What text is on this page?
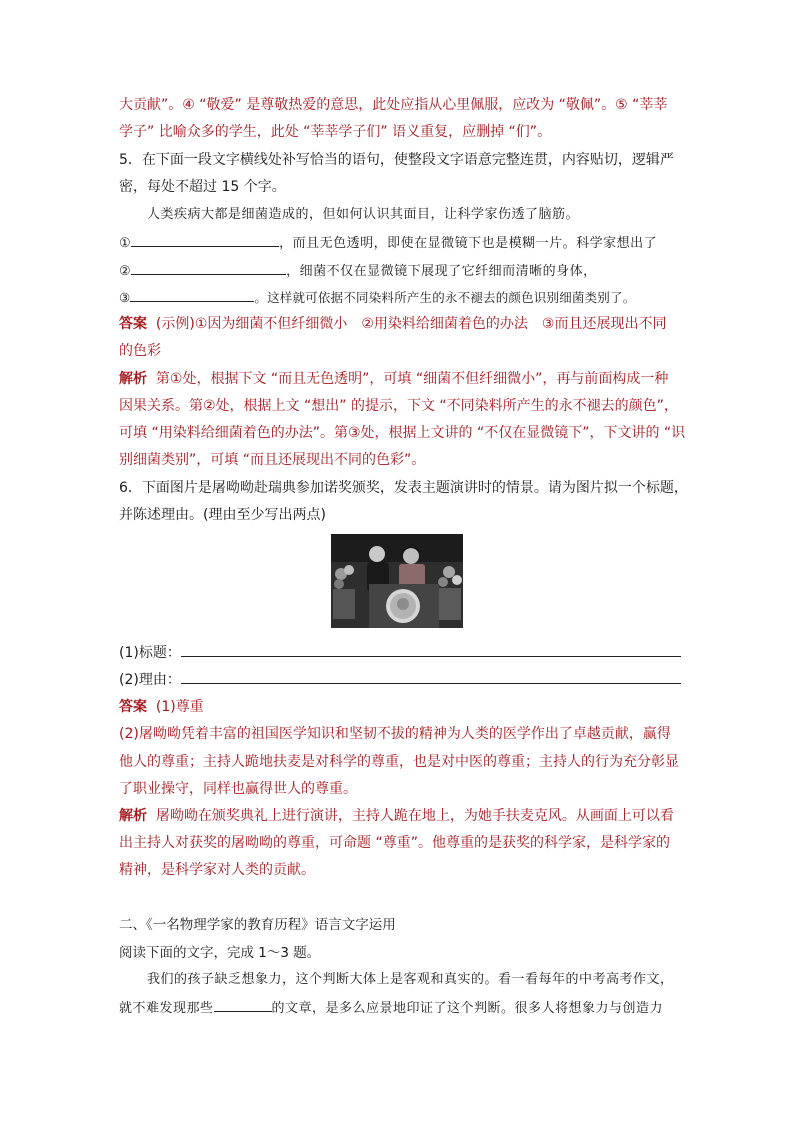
大贡献”。④ “敬爱” 是尊敬热爱的意思，此处应指从心里佩服，应改为 “敬佩”。⑤ “莘莘
学子” 比喻众多的学生，此处 “莘莘学子们” 语义重复，应删掉 “们”。
5．在下面一段文字横线处补写恰当的语句，使整段文字语意完整连贯，内容贴切，逻辑严
密，每处不超过 15 个字。
人类疾病大都是细菌造成的，但如何认识其面目，让科学家伤透了脑筋。
①	，而且无色透明，即使在显微镜下也是模糊一片。科学家想出了
②	，细菌不仅在显微镜下展现了它纤细而清晰的身体，
③	。这样就可依据不同染料所产生的永不褪去的颜色识别细菌类别了。
答案 (示例)①因为细菌不但纤细微小　②用染料给细菌着色的办法　③而且还展现出不同
的色彩
解析 第①处，根据下文 “而且无色透明”，可填 “细菌不但纤细微小”，再与前面构成一种
因果关系。第②处，根据上文 “想出” 的提示，下文 “不同染料所产生的永不褪去的颜色”，
可填 “用染料给细菌着色的办法”。第③处，根据上文讲的 “不仅在显微镜下”，下文讲的 “识
别细菌类别”，可填 “而且还展现出不同的色彩”。
6．下面图片是屠呦呦赴瑞典参加诺奖颁奖，发表主题演讲时的情景。请为图片拟一个标题，
并陈述理由。(理由至少写出两点)
(1)标题：
(2)理由：
答案 (1)尊重
(2)屠呦呦凭着丰富的祖国医学知识和坚韧不拔的精神为人类的医学作出了卓越贡献，赢得
他人的尊重；主持人跪地扶麦是对科学的尊重，也是对中医的尊重；主持人的行为充分彰显
了职业操守，同样也赢得世人的尊重。
解析 屠呦呦在颁奖典礼上进行演讲，主持人跪在地上，为她手扶麦克风。从画面上可以看
出主持人对获奖的屠呦呦的尊重，可命题 “尊重”。他尊重的是获奖的科学家，是科学家的
精神，是科学家对人类的贡献。
二、《一名物理学家的教育历程》语言文字运用
阅读下面的文字，完成 1～3 题。
我们的孩子缺乏想象力，这个判断大体上是客观和真实的。看一看每年的中考高考作文，
就不难发现那些	的文章，是多么应景地印证了这个判断。很多人将想象力与创造力
